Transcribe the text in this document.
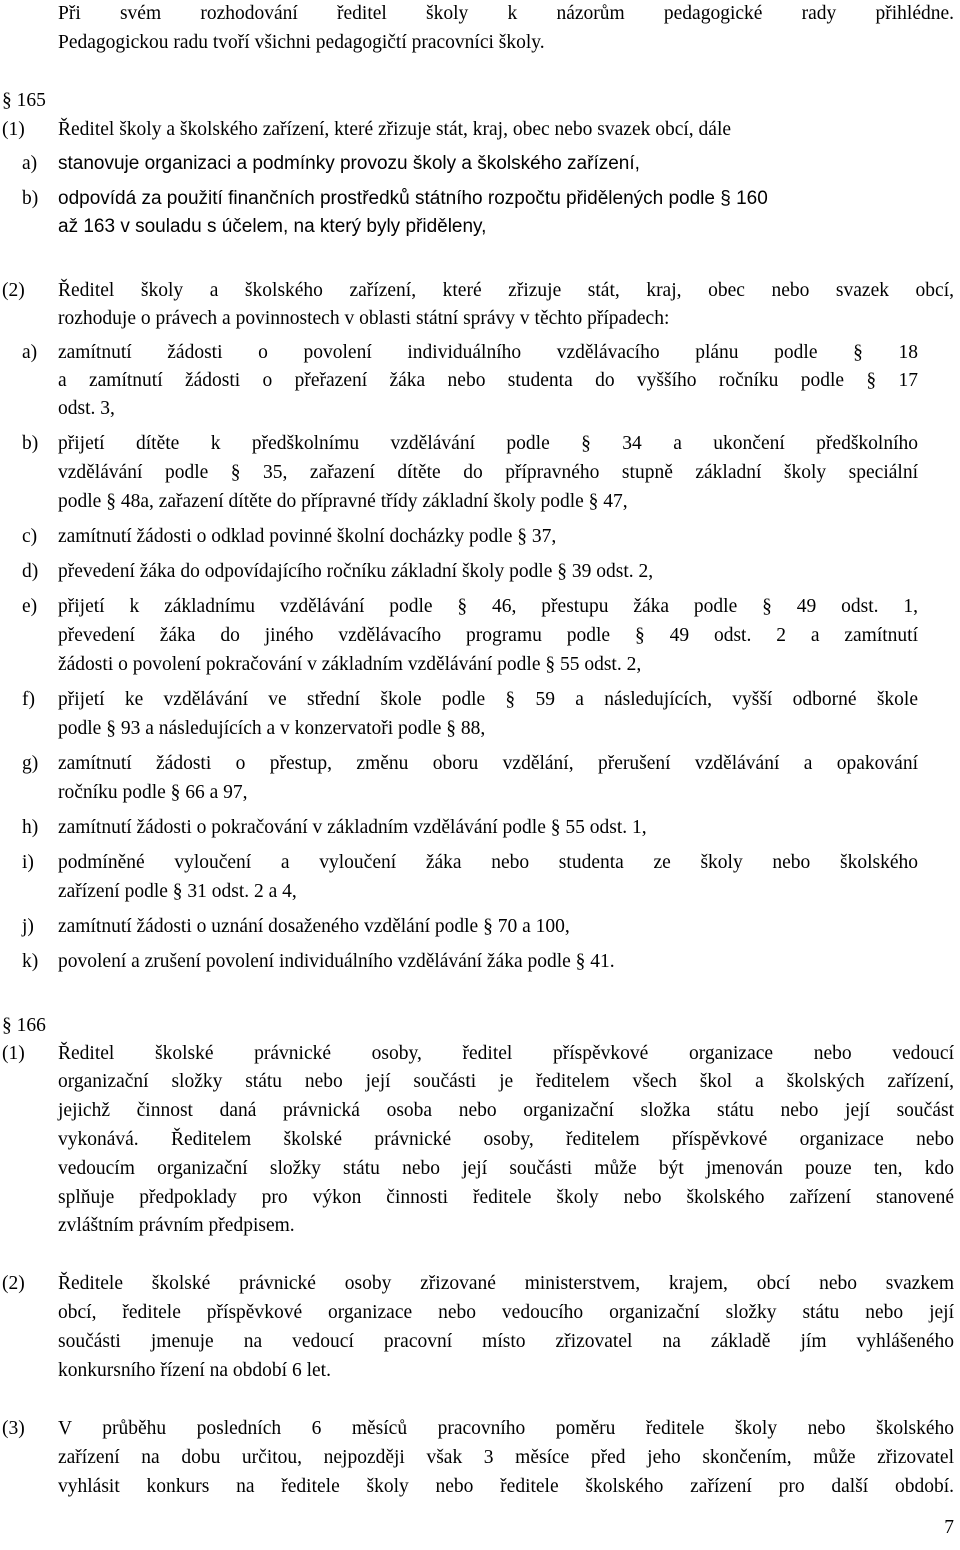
Při svém rozhodování ředitel školy k názorům pedagogické rady přihlédne.
Pedagogickou radu tvoří všichni pedagogičtí pracovníci školy.
§ 165
(1) Ředitel školy a školského zařízení, které zřizuje stát, kraj, obec nebo svazek obcí, dále
a) stanovuje organizaci a podmínky provozu školy a školského zařízení,
b) odpovídá za použití finančních prostředků státního rozpočtu přidělených podle § 160
až 163 v souladu s účelem, na který byly přiděleny,
(2) Ředitel školy a školského zařízení, které zřizuje stát, kraj, obec nebo svazek obcí,
rozhoduje o právech a povinnostech v oblasti státní správy v těchto případech:
a) zamítnutí žádosti o povolení individuálního vzdělávacího plánu podle § 18
a zamítnutí žádosti o přeřazení žáka nebo studenta do vyššího ročníku podle § 17
odst. 3,
b) přijetí dítěte k předškolnímu vzdělávání podle § 34 a ukončení předškolního
vzdělávání podle § 35, zařazení dítěte do přípravného stupně základní školy speciální
podle § 48a, zařazení dítěte do přípravné třídy základní školy podle § 47,
c) zamítnutí žádosti o odklad povinné školní docházky podle § 37,
d) převedení žáka do odpovídajícího ročníku základní školy podle § 39 odst. 2,
e) přijetí k základnímu vzdělávání podle § 46, přestupu žáka podle § 49 odst. 1,
převedení žáka do jiného vzdělávacího programu podle § 49 odst. 2 a zamítnutí
žádosti o povolení pokračování v základním vzdělávání podle § 55 odst. 2,
f) přijetí ke vzdělávání ve střední škole podle § 59 a následujících, vyšší odborné škole
podle § 93 a následujících a v konzervatoři podle § 88,
g) zamítnutí žádosti o přestup, změnu oboru vzdělání, přerušení vzdělávání a opakování
ročníku podle § 66 a 97,
h) zamítnutí žádosti o pokračování v základním vzdělávání podle § 55 odst. 1,
i) podmíněné vyloučení a vyloučení žáka nebo studenta ze školy nebo školského
zařízení podle § 31 odst. 2 a 4,
j) zamítnutí žádosti o uznání dosaženého vzdělání podle § 70 a 100,
k) povolení a zrušení povolení individuálního vzdělávání žáka podle § 41.
§ 166
(1) Ředitel školské právnické osoby, ředitel příspěvkové organizace nebo vedoucí
organizační složky státu nebo její součásti je ředitelem všech škol a školských zařízení,
jejichž činnost daná právnická osoba nebo organizační složka státu nebo její součást
vykonává. Ředitelem školské právnické osoby, ředitelem příspěvkové organizace nebo
vedoucím organizační složky státu nebo její součásti může být jmenován pouze ten, kdo
splňuje předpoklady pro výkon činnosti ředitele školy nebo školského zařízení stanovené
zvláštním právním předpisem.
(2) Ředitele školské právnické osoby zřizované ministerstvem, krajem, obcí nebo svazkem
obcí, ředitele příspěvkové organizace nebo vedoucího organizační složky státu nebo její
součásti jmenuje na vedoucí pracovní místo zřizovatel na základě jím vyhlášeného
konkursního řízení na období 6 let.
(3) V průběhu posledních 6 měsíců pracovního poměru ředitele školy nebo školského
zařízení na dobu určitou, nejpozději však 3 měsíce před jeho skončením, může zřizovatel
vyhlásit konkurs na ředitele školy nebo ředitele školského zařízení pro další období.
7
